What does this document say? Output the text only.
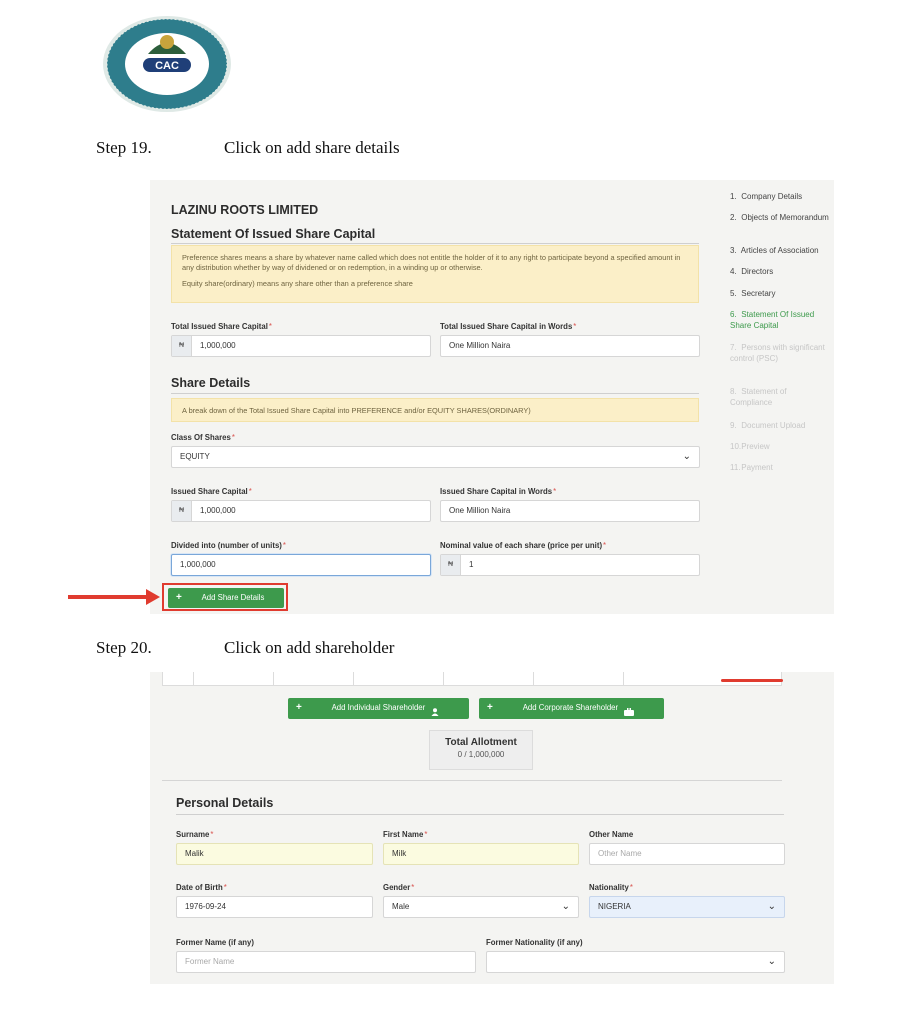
CAC
Step 19.	Click on add share details
LAZINU ROOTS LIMITED
Statement Of Issued Share Capital
Preference shares means a share by whatever name called which does not entitle the holder of it to any right to participate beyond a specified amount in any distribution whether by way of dividened or on redemption, in a winding up or otherwise.
Equity share(ordinary) means any share other than a preference share
Total Issued Share Capital*
₦	1,000,000
Total Issued Share Capital in Words*
One Million Naira
Share Details
A break down of the Total Issued Share Capital into PREFERENCE and/or EQUITY SHARES(ORDINARY)
Class Of Shares*
EQUITY	⌄
Issued Share Capital*
₦	1,000,000
Issued Share Capital in Words*
One Million Naira
Divided into (number of units)*
1,000,000
Nominal value of each share (price per unit)*
₦	1
+	Add Share Details
1. Company Details
2. Objects of Memorandum
3. Articles of Association
4. Directors
5. Secretary
6. Statement Of Issued Share Capital
7. Persons with significant control (PSC)
8. Statement of Compliance
9. Document Upload
10. Preview
11. Payment
Step 20.	Click on add shareholder
+	Add Individual Shareholder	+	Add Corporate Shareholder
Total Allotment
0 / 1,000,000
Personal Details
Surname*
Malik
First Name*
Milk
Other Name
Other Name
Date of Birth*
1976-09-24
Gender*
Male	⌄
Nationality*
NIGERIA	⌄
Former Name (if any)
Former Name
Former Nationality (if any)
⌄
